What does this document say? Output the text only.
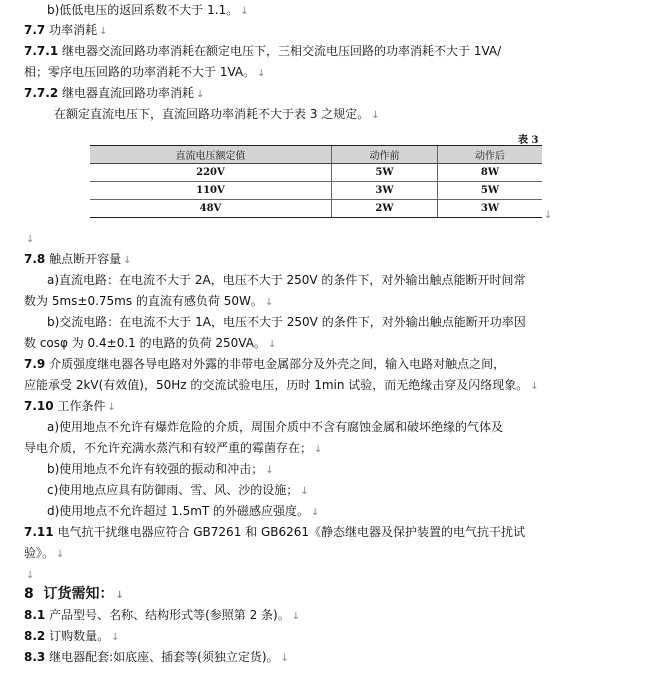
b)低低电压的返回系数不大于 1.1。 ↓
7.7 功率消耗 ↓
7.7.1 继电器交流回路功率消耗在额定电压下，三相交流电压回路的功率消耗不大于 1VA/
相；零序电压回路的功率消耗不大于 1VA。 ↓
7.7.2 继电器直流回路功率消耗 ↓
在额定直流电压下，直流回路功率消耗不大于表 3 之规定。 ↓
表 3
直流电压额定值	动作前	动作后
220V	5W	8W
110V	3W	5W
48V	2W	3W
↓
↓
7.8 触点断开容量 ↓
a)直流电路：在电流不大于 2A，电压不大于 250V 的条件下，对外输出触点能断开时间常
数为 5ms±0.75ms 的直流有感负荷 50W。 ↓
b)交流电路：在电流不大于 1A，电压不大于 250V 的条件下，对外输出触点能断开功率因
数 cosφ 为 0.4±0.1 的电路的负荷 250VA。 ↓
7.9 介质强度继电器各导电路对外露的非带电金属部分及外壳之间，输入电路对触点之间，
应能承受 2kV(有效值)，50Hz 的交流试验电压，历时 1min 试验，而无绝缘击穿及闪络现象。 ↓
7.10 工作条件 ↓
a)使用地点不允许有爆炸危险的介质，周围介质中不含有腐蚀金属和破坏绝缘的气体及
导电介质，不允许充满水蒸汽和有较严重的霉菌存在； ↓
b)使用地点不允许有较强的振动和冲击； ↓
c)使用地点应具有防御雨、雪、风、沙的设施； ↓
d)使用地点不允许超过 1.5mT 的外磁感应强度。 ↓
7.11 电气抗干扰继电器应符合 GB7261 和 GB6261《静态继电器及保护装置的电气抗干扰试
验》。 ↓
↓
8 订货需知： ↓
8.1 产品型号、名称、结构形式等(参照第 2 条)。 ↓
8.2 订购数量。 ↓
8.3 继电器配套:如底座、插套等(须独立定货)。 ↓
